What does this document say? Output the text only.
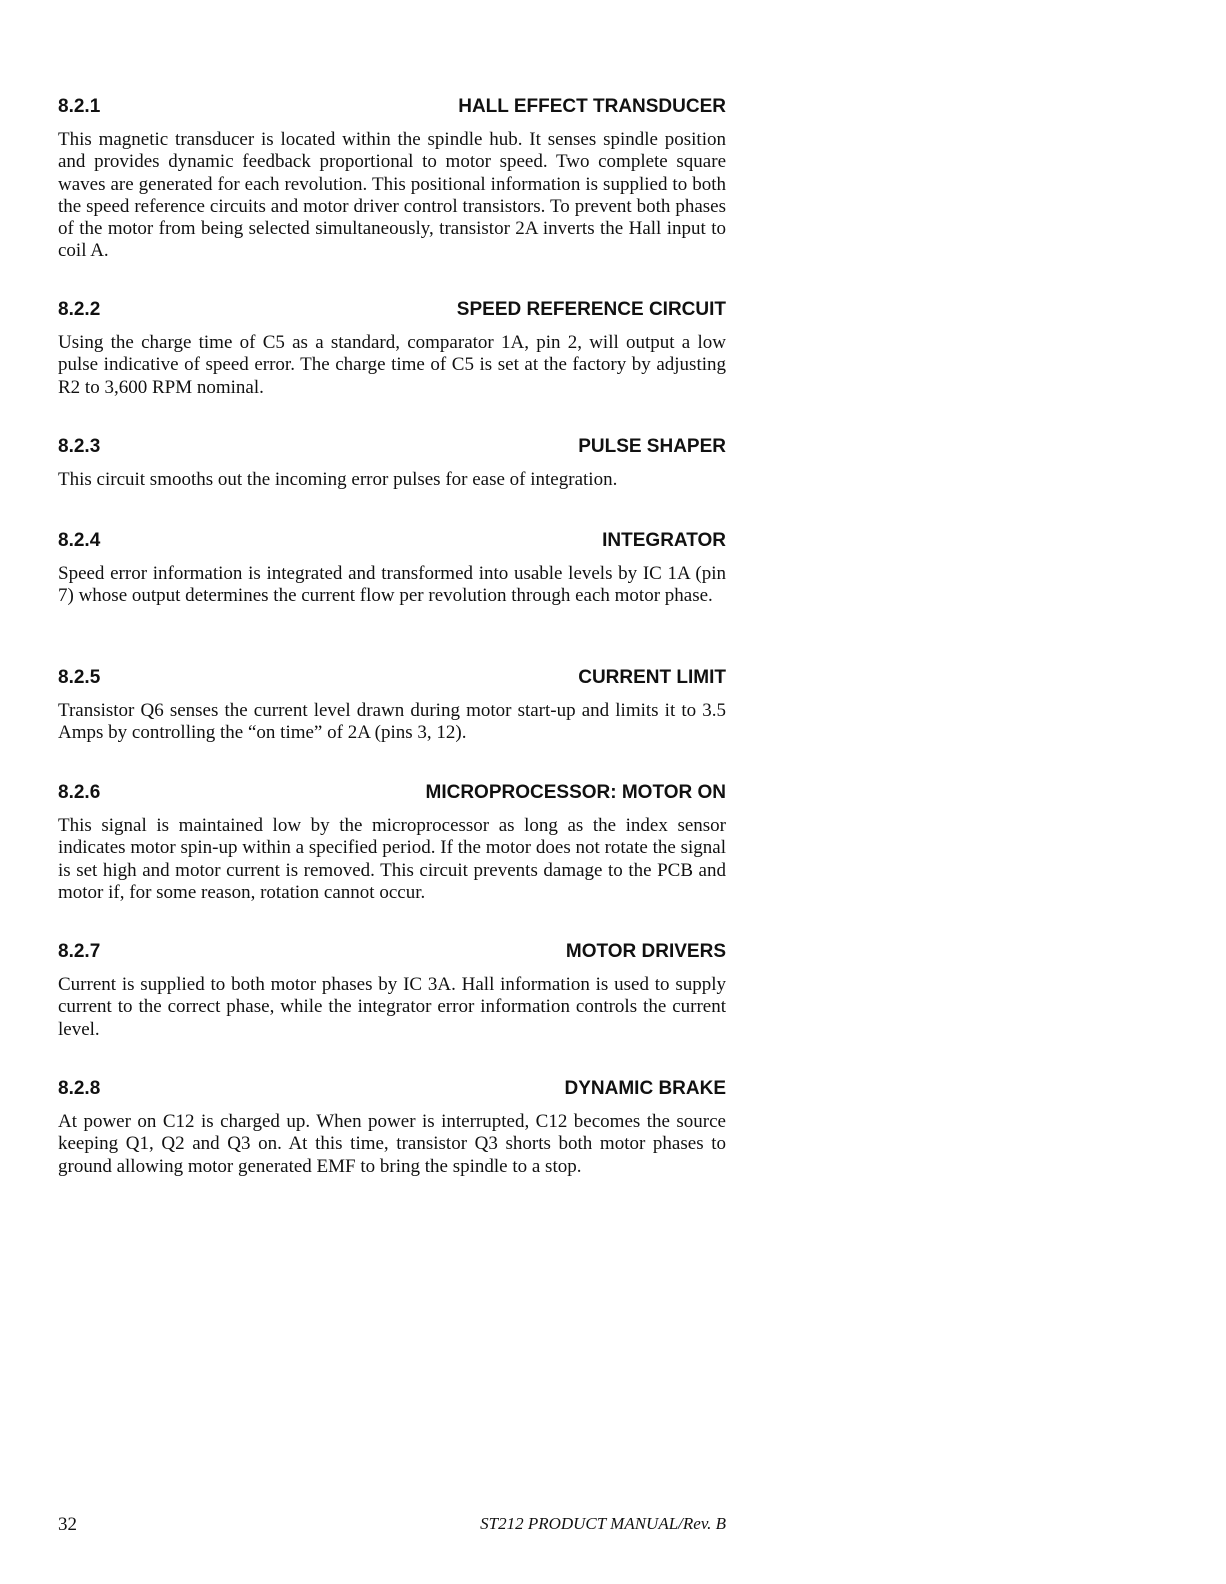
8.2.1	HALL EFFECT TRANSDUCER

This magnetic transducer is located within the spindle hub. It senses spindle position and provides dynamic feedback proportional to motor speed. Two complete square waves are generated for each revolution. This positional information is supplied to both the speed reference circuits and motor driver control transistors. To prevent both phases of the motor from being selected simultaneously, transistor 2A inverts the Hall input to coil A.

8.2.2	SPEED REFERENCE CIRCUIT

Using the charge time of C5 as a standard, comparator 1A, pin 2, will output a low pulse indicative of speed error. The charge time of C5 is set at the factory by adjusting R2 to 3,600 RPM nominal.

8.2.3	PULSE SHAPER

This circuit smooths out the incoming error pulses for ease of integration.

8.2.4	INTEGRATOR

Speed error information is integrated and transformed into usable levels by IC 1A (pin 7) whose output determines the current flow per revolution through each motor phase.

8.2.5	CURRENT LIMIT

Transistor Q6 senses the current level drawn during motor start-up and limits it to 3.5 Amps by controlling the “on time” of 2A (pins 3, 12).

8.2.6	MICROPROCESSOR: MOTOR ON

This signal is maintained low by the microprocessor as long as the index sensor indicates motor spin-up within a specified period. If the motor does not rotate the signal is set high and motor current is removed. This circuit prevents damage to the PCB and motor if, for some reason, rotation cannot occur.

8.2.7	MOTOR DRIVERS

Current is supplied to both motor phases by IC 3A. Hall information is used to supply current to the correct phase, while the integrator error information controls the current level.

8.2.8	DYNAMIC BRAKE

At power on C12 is charged up. When power is interrupted, C12 becomes the source keeping Q1, Q2 and Q3 on. At this time, transistor Q3 shorts both motor phases to ground allowing motor generated EMF to bring the spindle to a stop.

32	ST212 PRODUCT MANUAL/Rev. B
